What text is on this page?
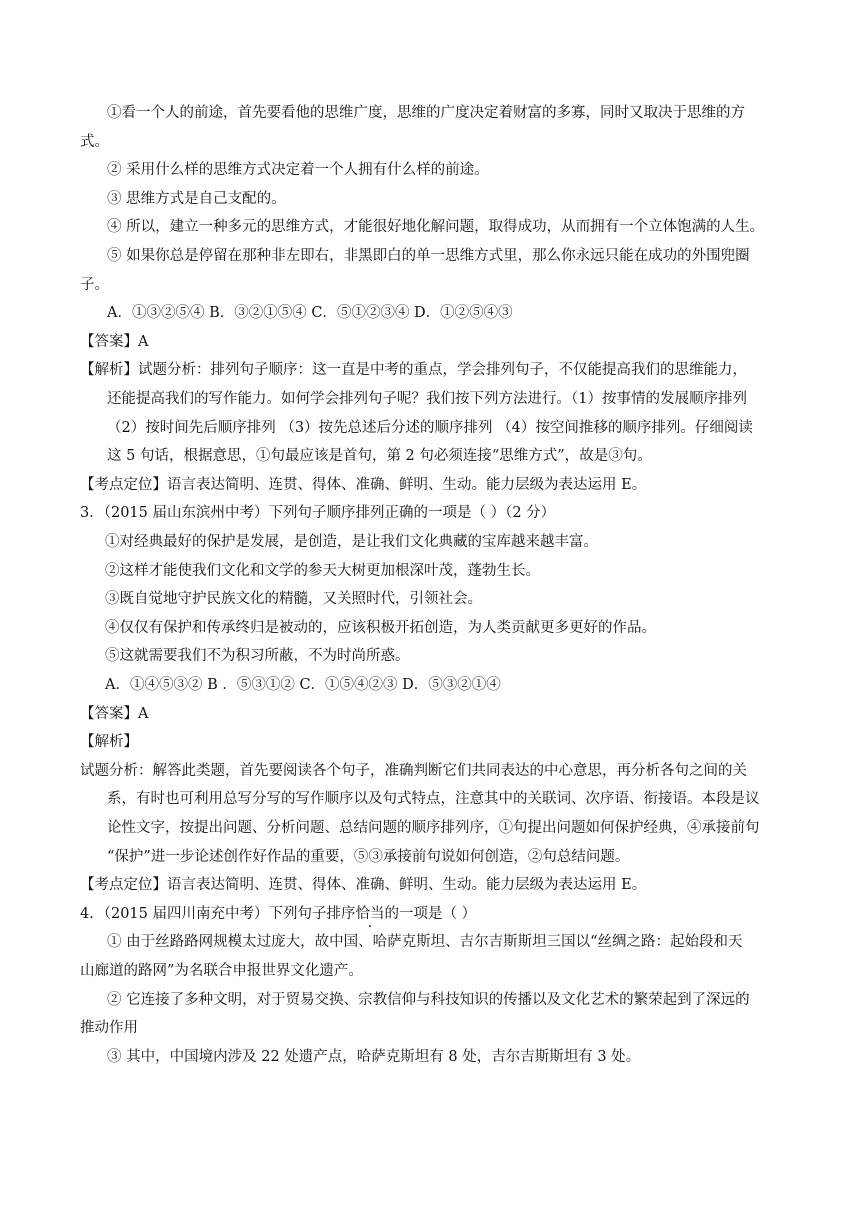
①看一个人的前途，首先要看他的思维广度，思维的广度决定着财富的多寡，同时又取决于思维的方
式。
② 采用什么样的思维方式决定着一个人拥有什么样的前途。
③ 思维方式是自己支配的。
④ 所以，建立一种多元的思维方式，才能很好地化解问题，取得成功，从而拥有一个立体饱满的人生。
⑤ 如果你总是停留在那种非左即右，非黑即白的单一思维方式里，那么你永远只能在成功的外围兜圈
子。
A．①③②⑤④ B．③②①⑤④ C．⑤①②③④ D．①②⑤④③
【答案】A
【解析】试题分析：排列句子顺序：这一直是中考的重点，学会排列句子，不仅能提高我们的思维能力，
还能提高我们的写作能力。如何学会排列句子呢？我们按下列方法进行。（1）按事情的发展顺序排列
（2）按时间先后顺序排列 （3）按先总述后分述的顺序排列 （4）按空间推移的顺序排列。仔细阅读
这 5 句话，根据意思，①句最应该是首句，第 2 句必须连接“思维方式”，故是③句。
【考点定位】语言表达简明、连贯、得体、准确、鲜明、生动。能力层级为表达运用 E。
3．（2015 届山东滨州中考）下列句子顺序排列正确的一项是（ ）（2 分）
①对经典最好的保护是发展，是创造，是让我们文化典藏的宝库越来越丰富。
②这样才能使我们文化和文学的参天大树更加根深叶茂，蓬勃生长。
③既自觉地守护民族文化的精髓，又关照时代，引领社会。
④仅仅有保护和传承终归是被动的，应该积极开拓创造，为人类贡献更多更好的作品。
⑤这就需要我们不为积习所蔽，不为时尚所惑。
A．①④⑤③② B ．⑤③①② C．①⑤④②③ D．⑤③②①④
【答案】A
【解析】
试题分析：解答此类题，首先要阅读各个句子，准确判断它们共同表达的中心意思，再分析各句之间的关
系，有时也可利用总写分写的写作顺序以及句式特点，注意其中的关联词、次序语、衔接语。本段是议
论性文字，按提出问题、分析问题、总结问题的顺序排列序，①句提出问题如何保护经典，④承接前句
“保护”进一步论述创作好作品的重要，⑤③承接前句说如何创造，②句总结问题。
【考点定位】语言表达简明、连贯、得体、准确、鲜明、生动。能力层级为表达运用 E。
4．（2015 届四川南充中考）下列句子排序恰当的一项是（ ）
① 由于丝路路网规模太过庞大，故中国、哈萨克斯坦、吉尔吉斯斯坦三国以“丝绸之路：起始段和天
山廊道的路网”为名联合申报世界文化遗产。
② 它连接了多种文明，对于贸易交换、宗教信仰与科技知识的传播以及文化艺术的繁荣起到了深远的
推动作用
③ 其中，中国境内涉及 22 处遗产点，哈萨克斯坦有 8 处，吉尔吉斯斯坦有 3 处。
